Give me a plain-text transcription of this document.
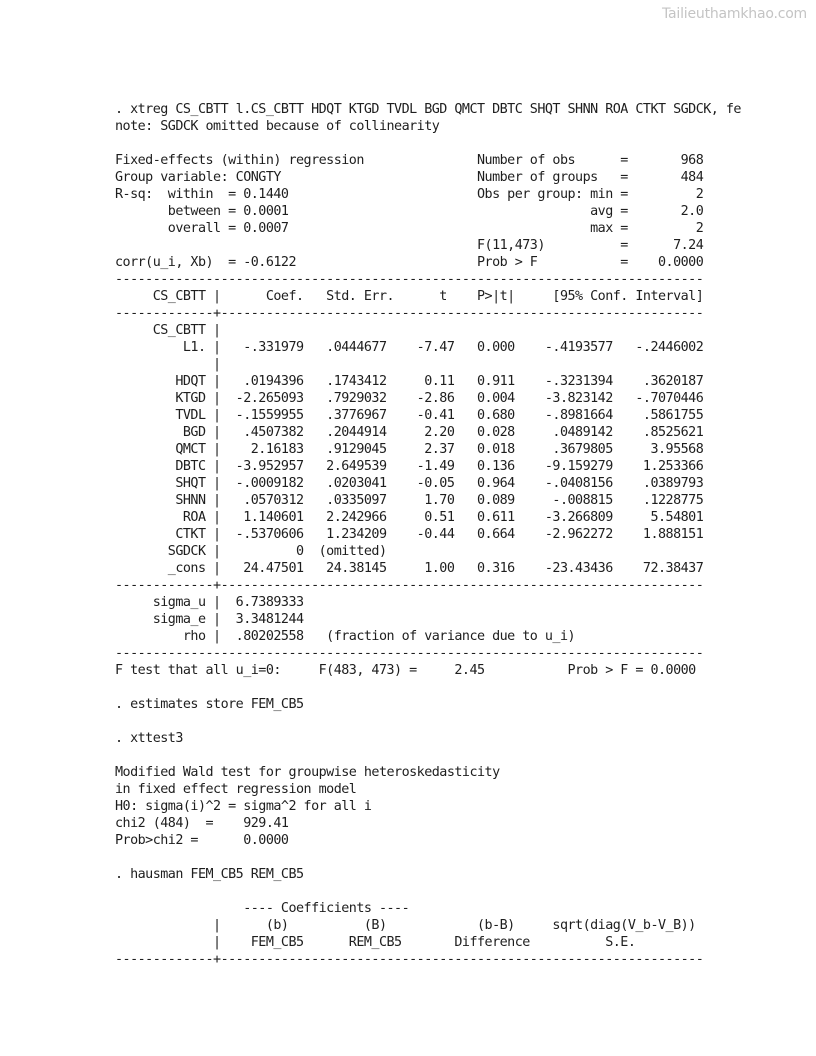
Tailieuthamkhao.com
. xtreg CS_CBTT l.CS_CBTT HDQT KTGD TVDL BGD QMCT DBTC SHQT SHNN ROA CTKT SGDCK, fe
note: SGDCK omitted because of collinearity
Fixed-effects (within) regression               Number of obs      =       968
Group variable: CONGTY                          Number of groups   =       484
R-sq:  within  = 0.1440                         Obs per group: min =         2
between = 0.0001                                        avg =       2.0
overall = 0.0007                                        max =         2
F(11,473)          =      7.24
corr(u_i, Xb)  = -0.6122                        Prob > F           =    0.0000
------------------------------------------------------------------------------
CS_CBTT |      Coef.   Std. Err.      t    P>|t|     [95% Conf. Interval]
-------------+----------------------------------------------------------------
CS_CBTT |
L1. |   -.331979   .0444677    -7.47   0.000    -.4193577   -.2446002
|
HDQT |   .0194396   .1743412     0.11   0.911    -.3231394    .3620187
KTGD |  -2.265093   .7929032    -2.86   0.004    -3.823142   -.7070446
TVDL |  -.1559955   .3776967    -0.41   0.680    -.8981664    .5861755
BGD |   .4507382   .2044914     2.20   0.028     .0489142    .8525621
QMCT |    2.16183   .9129045     2.37   0.018     .3679805     3.95568
DBTC |  -3.952957   2.649539    -1.49   0.136    -9.159279    1.253366
SHQT |  -.0009182   .0203041    -0.05   0.964    -.0408156    .0389793
SHNN |   .0570312   .0335097     1.70   0.089     -.008815    .1228775
ROA |   1.140601   2.242966     0.51   0.611    -3.266809     5.54801
CTKT |  -.5370606   1.234209    -0.44   0.664    -2.962272    1.888151
SGDCK |          0  (omitted)
_cons |   24.47501   24.38145     1.00   0.316    -23.43436    72.38437
-------------+----------------------------------------------------------------
sigma_u |  6.7389333
sigma_e |  3.3481244
rho |  .80202558   (fraction of variance due to u_i)
------------------------------------------------------------------------------
F test that all u_i=0:     F(483, 473) =     2.45           Prob > F = 0.0000
. estimates store FEM_CB5
. xttest3
Modified Wald test for groupwise heteroskedasticity
in fixed effect regression model
H0: sigma(i)^2 = sigma^2 for all i
chi2 (484)  =    929.41
Prob>chi2 =      0.0000
. hausman FEM_CB5 REM_CB5
---- Coefficients ----
|      (b)          (B)            (b-B)     sqrt(diag(V_b-V_B))
|    FEM_CB5      REM_CB5       Difference          S.E.
-------------+----------------------------------------------------------------
